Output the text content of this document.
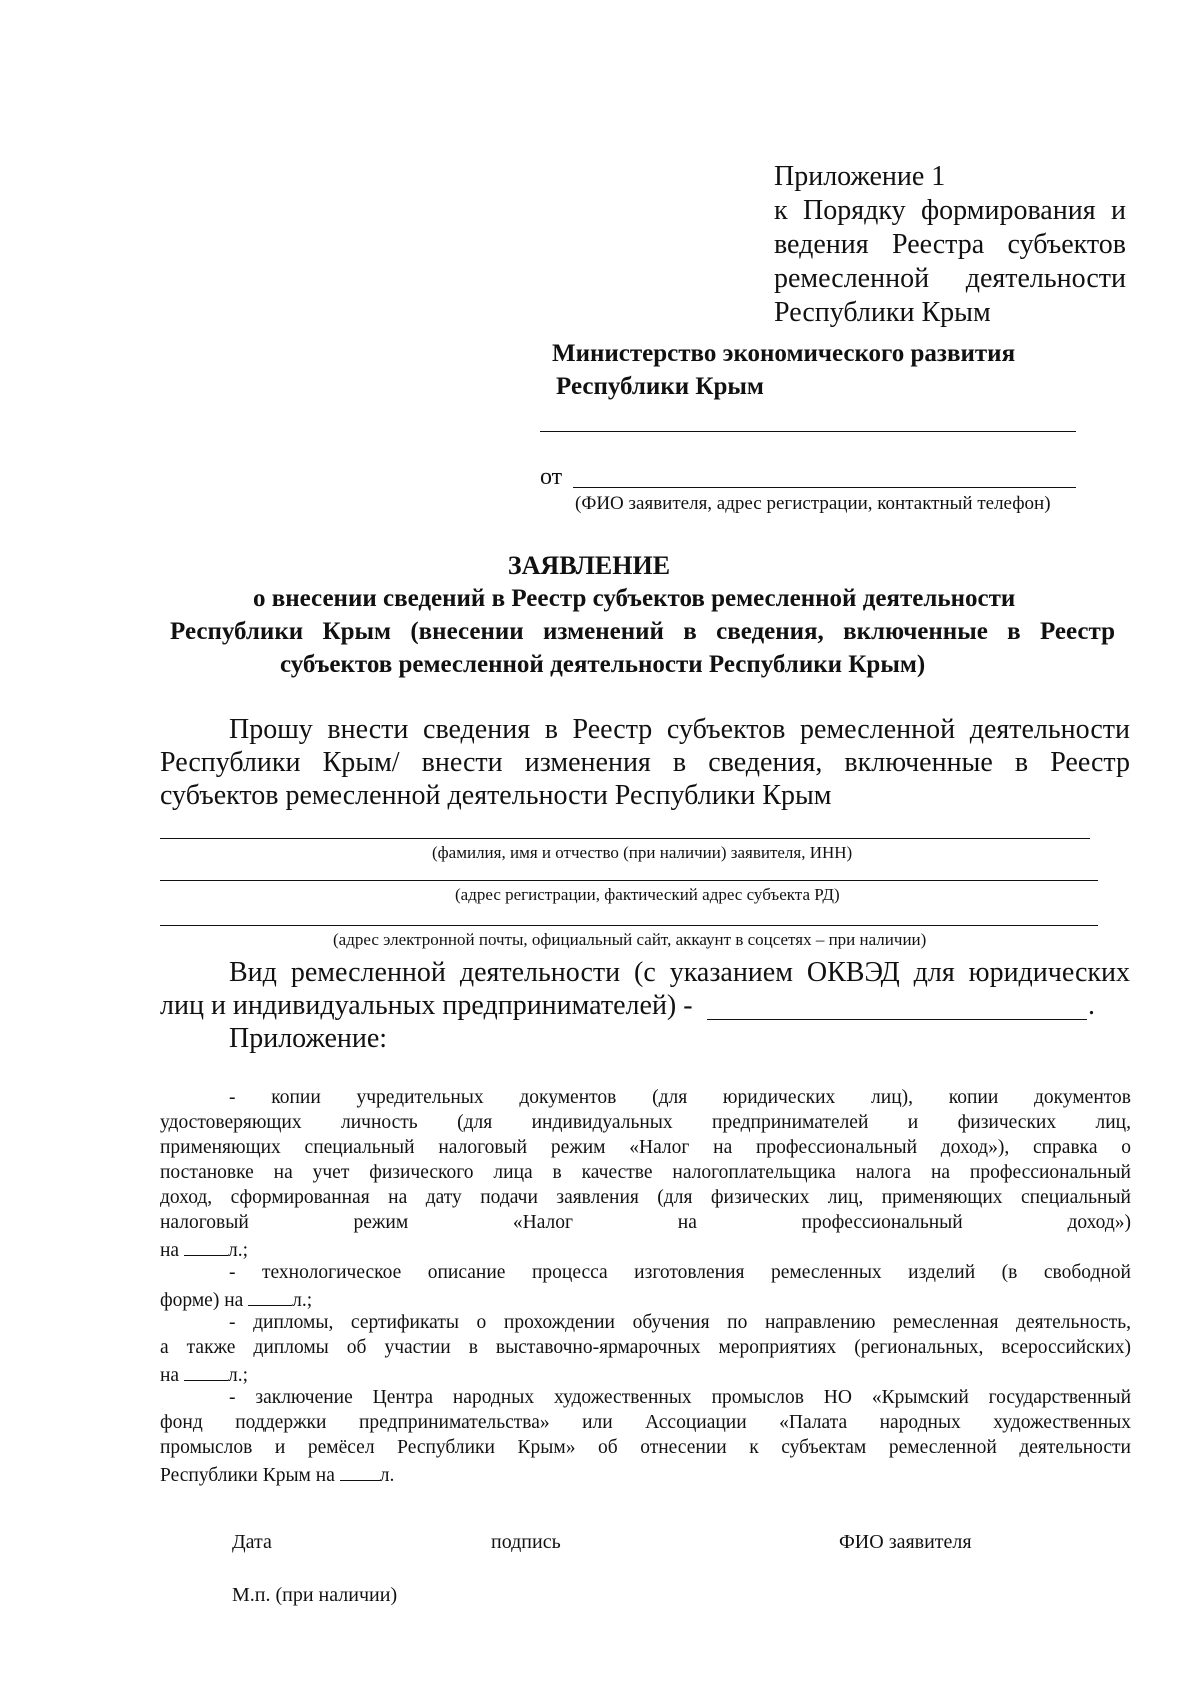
Приложение 1
к Порядку формирования и
ведения Реестра субъектов
ремесленной деятельности
Республики Крым
Министерство экономического развития
Республики Крым
от
(ФИО заявителя, адрес регистрации, контактный телефон)
ЗАЯВЛЕНИЕ
о внесении сведений в Реестр субъектов ремесленной деятельности
Республики Крым (внесении изменений в сведения, включенные в Реестр
субъектов ремесленной деятельности Республики Крым)
Прошу внести сведения в Реестр субъектов ремесленной деятельности
Республики Крым/ внести изменения в сведения, включенные в Реестр
субъектов ремесленной деятельности Республики Крым
(фамилия, имя и отчество (при наличии) заявителя, ИНН)
(адрес регистрации, фактический адрес субъекта РД)
(адрес электронной почты, официальный сайт, аккаунт в соцсетях – при наличии)
Вид ремесленной деятельности (с указанием ОКВЭД для юридических
лиц и индивидуальных предпринимателей) -	.
Приложение:
- копии учредительных документов (для юридических лиц), копии документов
удостоверяющих личность (для индивидуальных предпринимателей и физических лиц,
применяющих специальный налоговый режим «Налог на профессиональный доход»), справка о
постановке на учет физического лица в качестве налогоплательщика налога на профессиональный
доход, сформированная на дату подачи заявления (для физических лиц, применяющих специальный
налоговый режим «Налог на профессиональный доход»)
на	л.;
- технологическое описание процесса изготовления ремесленных изделий (в свободной
форме) на	л.;
- дипломы, сертификаты о прохождении обучения по направлению ремесленная деятельность,
а также дипломы об участии в выставочно-ярмарочных мероприятиях (региональных, всероссийских)
на	л.;
- заключение Центра народных художественных промыслов НО «Крымский государственный
фонд поддержки предпринимательства» или Ассоциации «Палата народных художественных
промыслов и ремёсел Республики Крым» об отнесении к субъектам ремесленной деятельности
Республики Крым на л.
Дата	подпись	ФИО заявителя
М.п. (при наличии)
